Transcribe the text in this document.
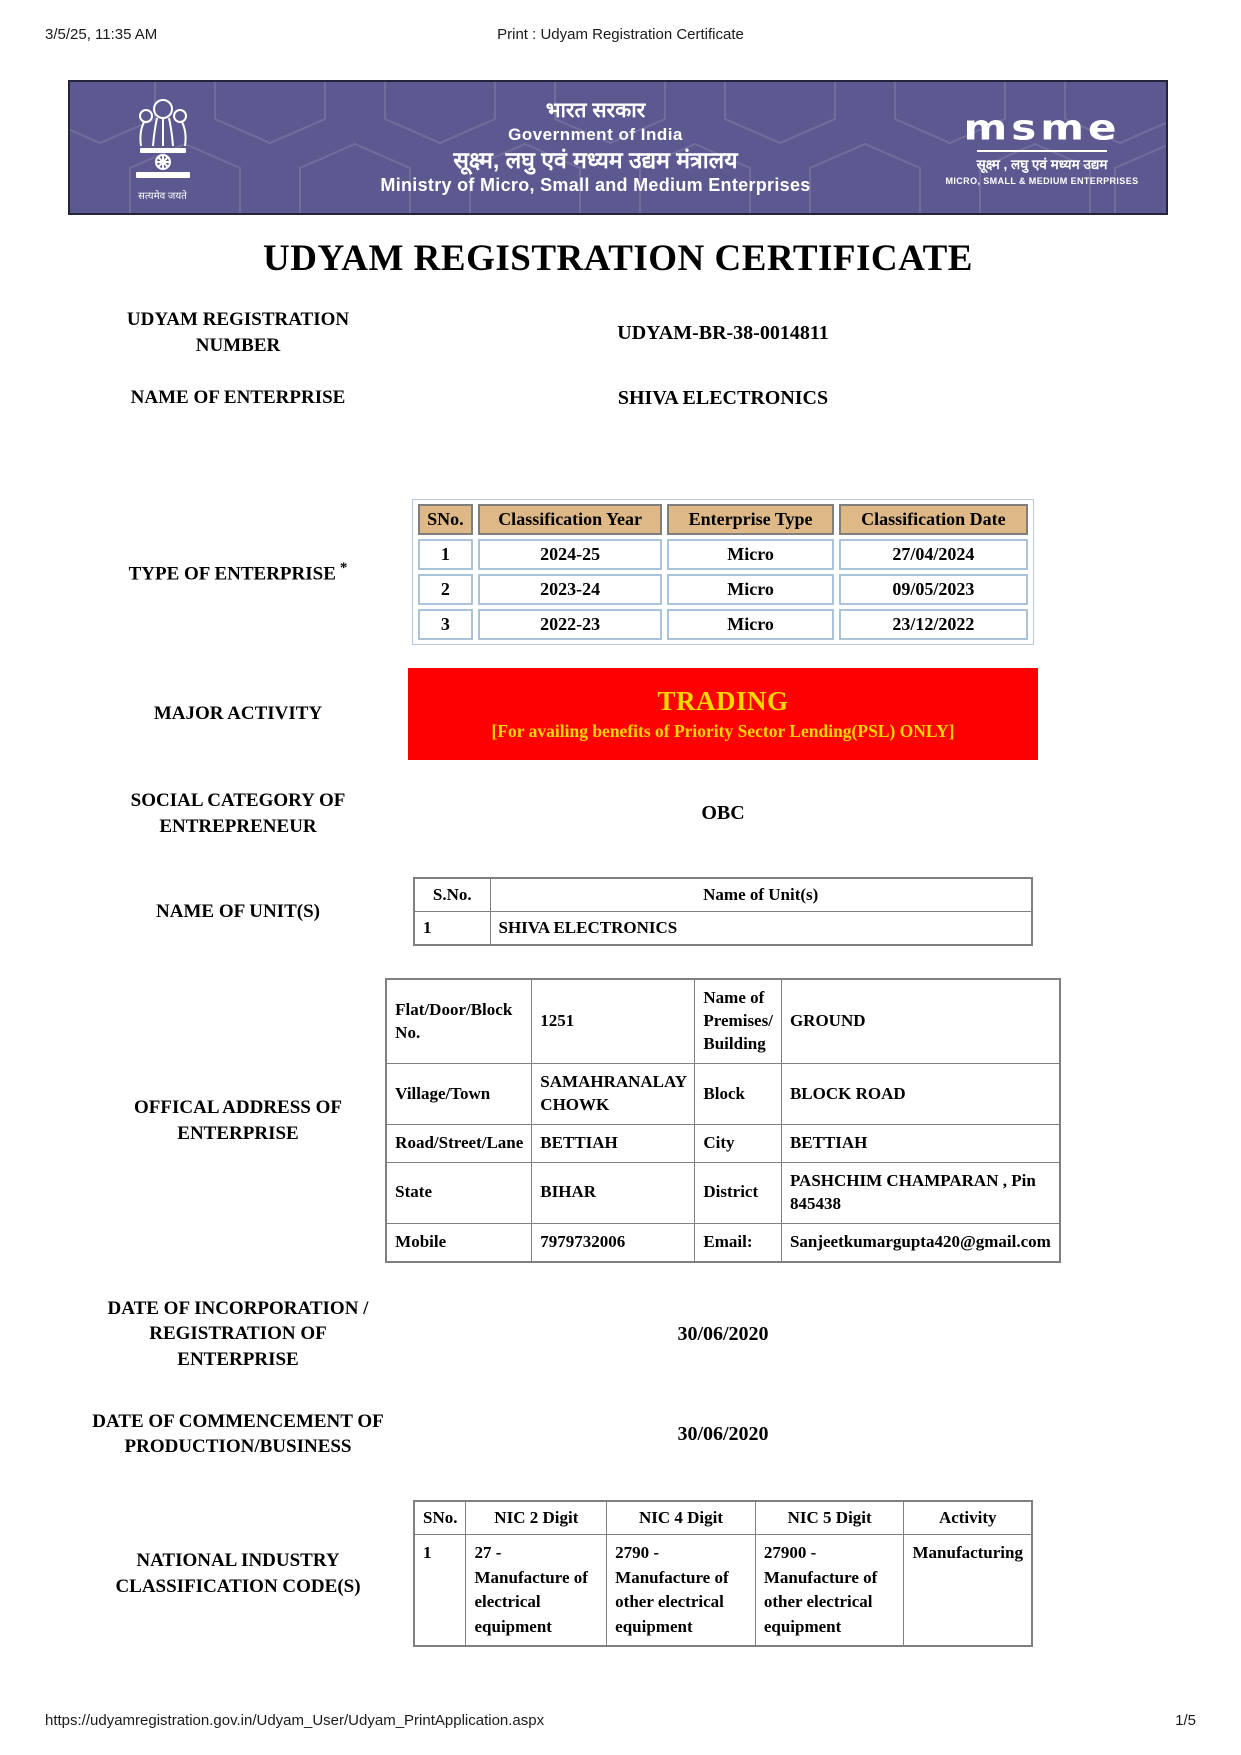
3/5/25, 11:35 AM	Print : Udyam Registration Certificate
सत्यमेव जयते
भारत सरकार
Government of India
सूक्ष्म, लघु एवं मध्यम उद्यम मंत्रालय
Ministry of Micro, Small and Medium Enterprises
msme
सूक्ष्म , लघु एवं मध्यम उद्यम
MICRO, SMALL & MEDIUM ENTERPRISES
UDYAM REGISTRATION CERTIFICATE
UDYAM REGISTRATION NUMBER
UDYAM-BR-38-0014811
NAME OF ENTERPRISE	SHIVA ELECTRONICS
TYPE OF ENTERPRISE *
SNo.	Classification Year	Enterprise Type	Classification Date
1	2024-25	Micro	27/04/2024
2	2023-24	Micro	09/05/2023
3	2022-23	Micro	23/12/2022
MAJOR ACTIVITY	TRADING
[For availing benefits of Priority Sector Lending(PSL) ONLY]
SOCIAL CATEGORY OF ENTREPRENEUR
OBC
NAME OF UNIT(S)
S.No.	Name of Unit(s)
1	SHIVA ELECTRONICS
OFFICAL ADDRESS OF ENTERPRISE
Flat/Door/Block No.	1251	Name of Premises/ Building	GROUND
Village/Town	SAMAHRANALAY CHOWK	Block	BLOCK ROAD
Road/Street/Lane	BETTIAH	City	BETTIAH
State	BIHAR	District	PASHCHIM CHAMPARAN , Pin 845438
Mobile	7979732006	Email:	Sanjeetkumargupta420@gmail.com
DATE OF INCORPORATION / REGISTRATION OF ENTERPRISE
30/06/2020
DATE OF COMMENCEMENT OF PRODUCTION/BUSINESS
30/06/2020
NATIONAL INDUSTRY CLASSIFICATION CODE(S)
SNo.	NIC 2 Digit	NIC 4 Digit	NIC 5 Digit	Activity
1	27 - Manufacture of electrical equipment	2790 - Manufacture of other electrical equipment	27900 - Manufacture of other electrical equipment	Manufacturing
https://udyamregistration.gov.in/Udyam_User/Udyam_PrintApplication.aspx	1/5
